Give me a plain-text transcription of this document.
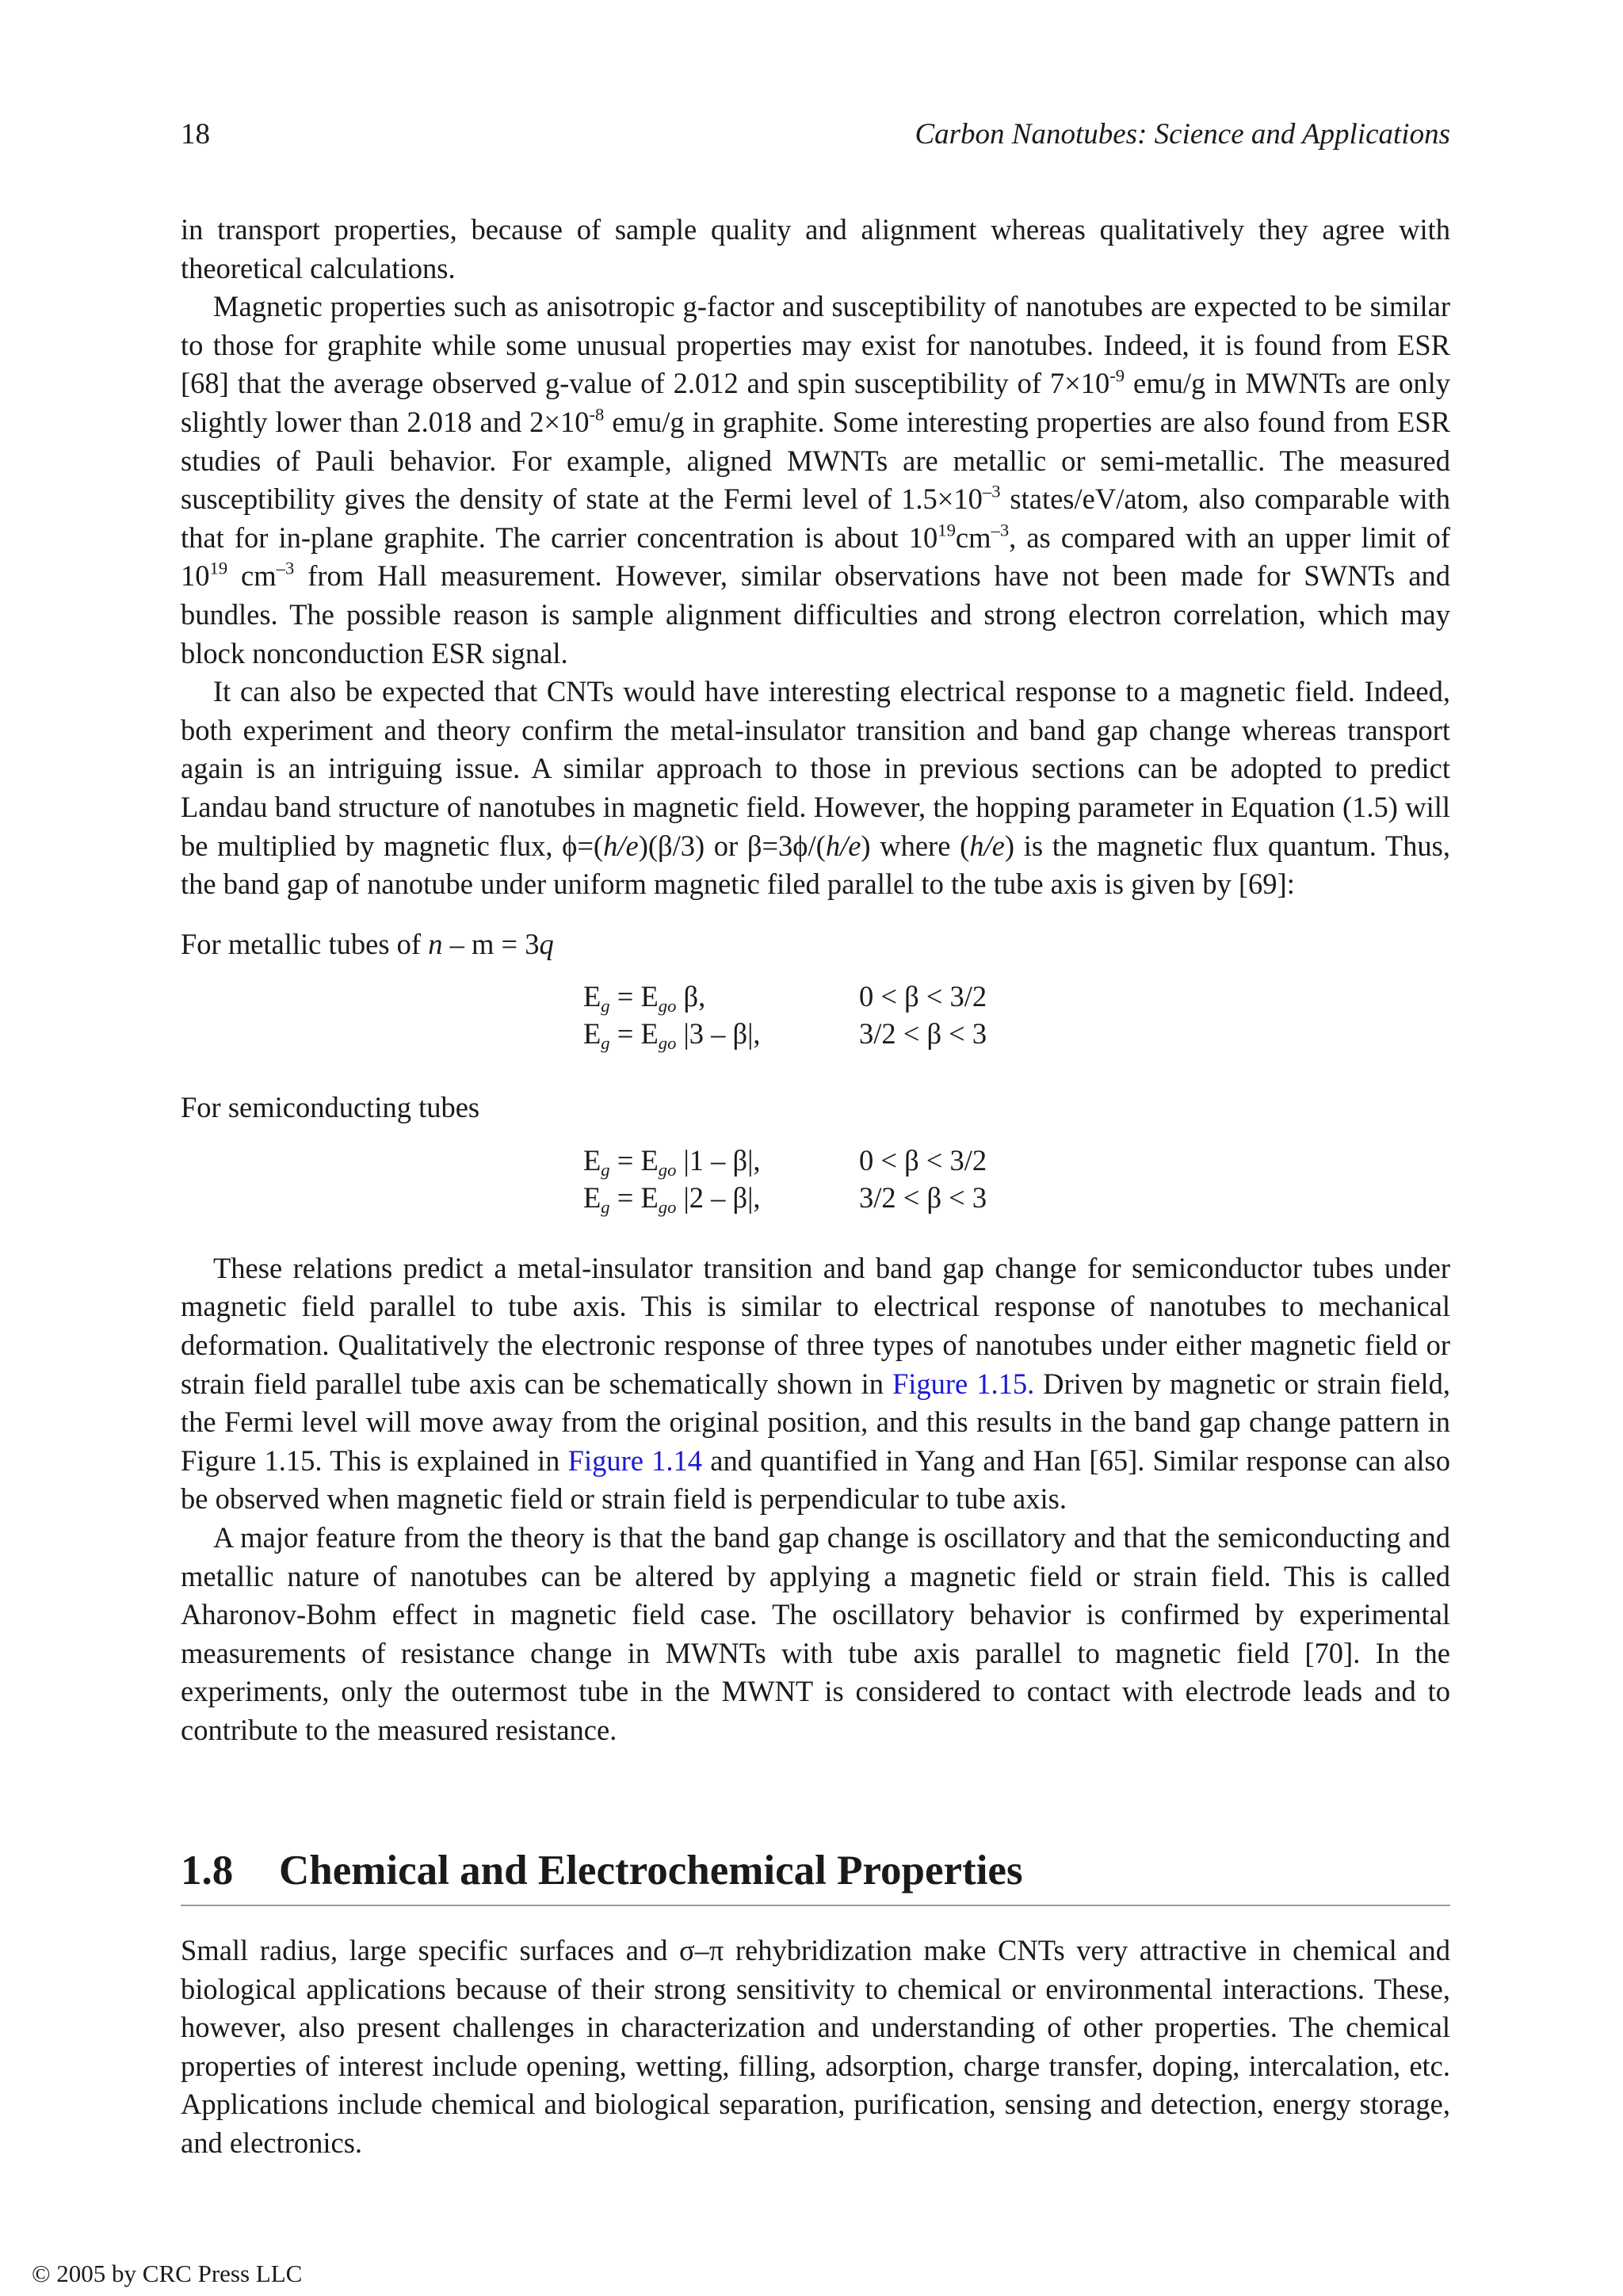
18	Carbon Nanotubes: Science and Applications

in transport properties, because of sample quality and alignment whereas qualitatively they agree with theoretical calculations.

Magnetic properties such as anisotropic g-factor and susceptibility of nanotubes are expected to be similar to those for graphite while some unusual properties may exist for nanotubes. Indeed, it is found from ESR [68] that the average observed g-value of 2.012 and spin susceptibility of $7\times 10^{-9}$ emu/g in MWNTs are only slightly lower than 2.018 and $2\times 10^{-8}$ emu/g in graphite. Some interesting properties are also found from ESR studies of Pauli behavior. For example, aligned MWNTs are metallic or semi-metallic. The measured susceptibility gives the density of state at the Fermi level of $1.5\times 10^{-3}$ states/eV/atom, also comparable with that for in-plane graphite. The carrier concentration is about $10^{19}cm^{-3}$, as compared with an upper limit of $10^{19}$ $cm^{-3}$ from Hall measurement. However, similar observations have not been made for SWNTs and bundles. The possible reason is sample alignment difficulties and strong electron correlation, which may block nonconduction ESR signal.

It can also be expected that CNTs would have interesting electrical response to a magnetic field. Indeed, both experiment and theory confirm the metal-insulator transition and band gap change whereas transport again is an intriguing issue. A similar approach to those in previous sections can be adopted to predict Landau band structure of nanotubes in magnetic field. However, the hopping parameter in Equation (1.5) will be multiplied by magnetic flux, ϕ=(h/e)(β/3) or β=3ϕ/(h/e) where (h/e) is the magnetic flux quantum. Thus, the band gap of nanotube under uniform magnetic filed parallel to the tube axis is given by [69]:

For metallic tubes of n – m = 3q

$E_g = E_{go}$ β,	0 < β < 3/2
$E_g = E_{go}$ |3 – β|,	3/2 < β < 3

For semiconducting tubes

$E_g = E_{go}$ |1 – β|,	0 < β < 3/2
$E_g = E_{go}$ |2 – β|,	3/2 < β < 3

These relations predict a metal-insulator transition and band gap change for semiconductor tubes under magnetic field parallel to tube axis. This is similar to electrical response of nanotubes to mechanical deformation. Qualitatively the electronic response of three types of nanotubes under either magnetic field or strain field parallel tube axis can be schematically shown in Figure 1.15. Driven by magnetic or strain field, the Fermi level will move away from the original position, and this results in the band gap change pattern in Figure 1.15. This is explained in Figure 1.14 and quantified in Yang and Han [65]. Similar response can also be observed when magnetic field or strain field is perpendicular to tube axis.

A major feature from the theory is that the band gap change is oscillatory and that the semiconducting and metallic nature of nanotubes can be altered by applying a magnetic field or strain field. This is called Aharonov-Bohm effect in magnetic field case. The oscillatory behavior is confirmed by experimental measurements of resistance change in MWNTs with tube axis parallel to magnetic field [70]. In the experiments, only the outermost tube in the MWNT is considered to contact with electrode leads and to contribute to the measured resistance.

1.8 Chemical and Electrochemical Properties

Small radius, large specific surfaces and σ–π rehybridization make CNTs very attractive in chemical and biological applications because of their strong sensitivity to chemical or environmental interactions. These, however, also present challenges in characterization and understanding of other properties. The chemical properties of interest include opening, wetting, filling, adsorption, charge transfer, doping, intercalation, etc. Applications include chemical and biological separation, purification, sensing and detection, energy storage, and electronics.

© 2005 by CRC Press LLC
